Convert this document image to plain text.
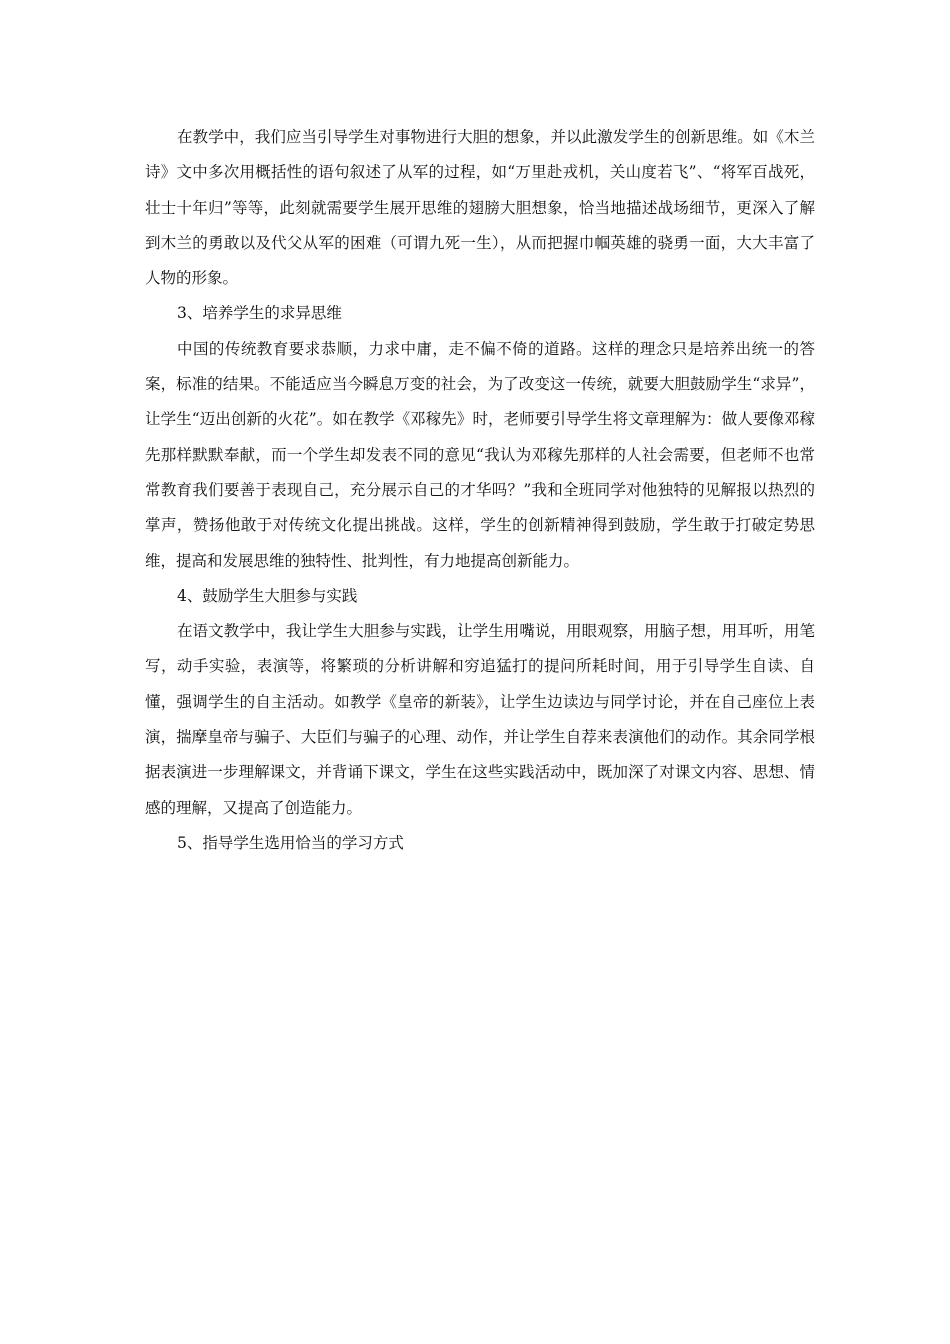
在教学中，我们应当引导学生对事物进行大胆的想象，并以此激发学生的创新思维。如《木兰诗》文中多次用概括性的语句叙述了从军的过程，如“万里赴戎机，关山度若飞”、“将军百战死，壮士十年归”等等，此刻就需要学生展开思维的翅膀大胆想象，恰当地描述战场细节，更深入了解到木兰的勇敢以及代父从军的困难（可谓九死一生），从而把握巾帼英雄的骁勇一面，大大丰富了人物的形象。

3、培养学生的求异思维

中国的传统教育要求恭顺，力求中庸，走不偏不倚的道路。这样的理念只是培养出统一的答案，标准的结果。不能适应当今瞬息万变的社会，为了改变这一传统，就要大胆鼓励学生“求异”，让学生“迈出创新的火花”。如在教学《邓稼先》时，老师要引导学生将文章理解为：做人要像邓稼先那样默默奉献，而一个学生却发表不同的意见“我认为邓稼先那样的人社会需要，但老师不也常常教育我们要善于表现自己，充分展示自己的才华吗？”我和全班同学对他独特的见解报以热烈的掌声，赞扬他敢于对传统文化提出挑战。这样，学生的创新精神得到鼓励，学生敢于打破定势思维，提高和发展思维的独特性、批判性，有力地提高创新能力。

4、鼓励学生大胆参与实践

在语文教学中，我让学生大胆参与实践，让学生用嘴说，用眼观察，用脑子想，用耳听，用笔写，动手实验，表演等，将繁琐的分析讲解和穷追猛打的提问所耗时间，用于引导学生自读、自懂，强调学生的自主活动。如教学《皇帝的新装》，让学生边读边与同学讨论，并在自己座位上表演，揣摩皇帝与骗子、大臣们与骗子的心理、动作，并让学生自荐来表演他们的动作。其余同学根据表演进一步理解课文，并背诵下课文，学生在这些实践活动中，既加深了对课文内容、思想、情感的理解，又提高了创造能力。

5、指导学生选用恰当的学习方式
